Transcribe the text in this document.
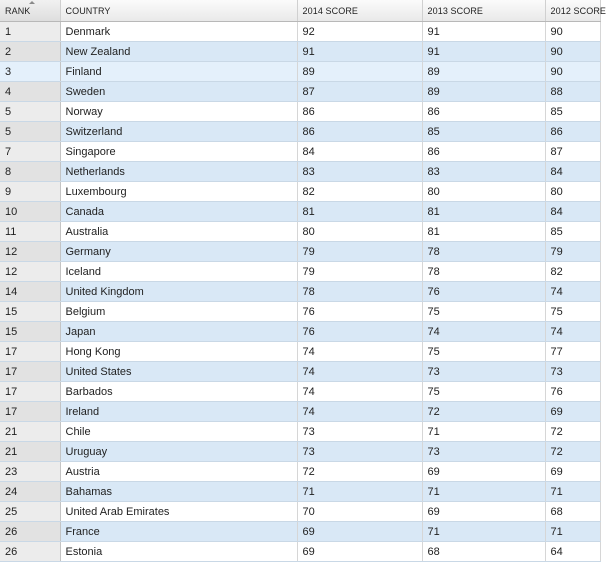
RANK	COUNTRY	2014 SCORE	2013 SCORE	2012 SCORE
1	Denmark	92	91	90
2	New Zealand	91	91	90
3	Finland	89	89	90
4	Sweden	87	89	88
5	Norway	86	86	85
5	Switzerland	86	85	86
7	Singapore	84	86	87
8	Netherlands	83	83	84
9	Luxembourg	82	80	80
10	Canada	81	81	84
11	Australia	80	81	85
12	Germany	79	78	79
12	Iceland	79	78	82
14	United Kingdom	78	76	74
15	Belgium	76	75	75
15	Japan	76	74	74
17	Hong Kong	74	75	77
17	United States	74	73	73
17	Barbados	74	75	76
17	Ireland	74	72	69
21	Chile	73	71	72
21	Uruguay	73	73	72
23	Austria	72	69	69
24	Bahamas	71	71	71
25	United Arab Emirates	70	69	68
26	France	69	71	71
26	Estonia	69	68	64
